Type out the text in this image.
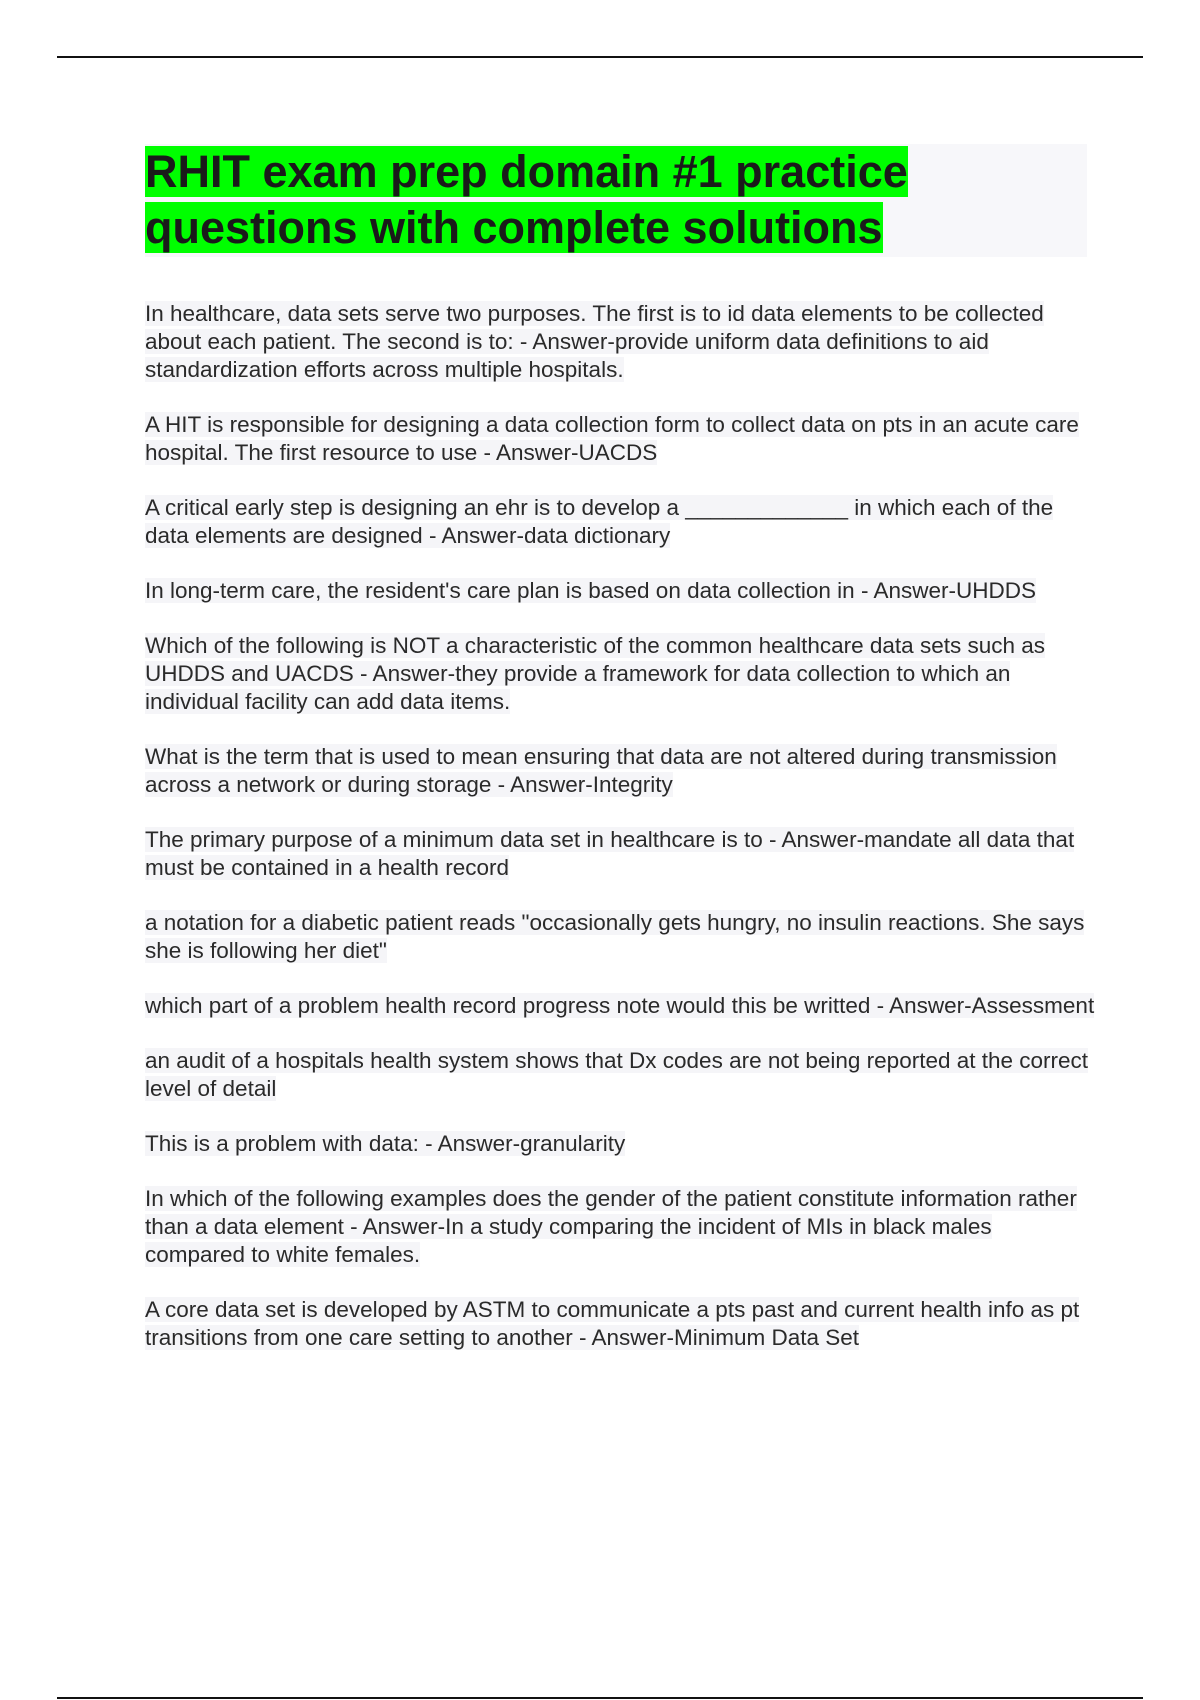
RHIT exam prep domain #1 practice
questions with complete solutions

In healthcare, data sets serve two purposes. The first is to id data elements to be collected about each patient. The second is to: - Answer-provide uniform data definitions to aid standardization efforts across multiple hospitals.

A HIT is responsible for designing a data collection form to collect data on pts in an acute care hospital. The first resource to use - Answer-UACDS

A critical early step is designing an ehr is to develop a _____________ in which each of the data elements are designed - Answer-data dictionary

In long-term care, the resident's care plan is based on data collection in - Answer-UHDDS

Which of the following is NOT a characteristic of the common healthcare data sets such as UHDDS and UACDS - Answer-they provide a framework for data collection to which an individual facility can add data items.

What is the term that is used to mean ensuring that data are not altered during transmission across a network or during storage - Answer-Integrity

The primary purpose of a minimum data set in healthcare is to - Answer-mandate all data that must be contained in a health record

a notation for a diabetic patient reads "occasionally gets hungry, no insulin reactions. She says she is following her diet"

which part of a problem health record progress note would this be writted - Answer-Assessment

an audit of a hospitals health system shows that Dx codes are not being reported at the correct level of detail

This is a problem with data: - Answer-granularity

In which of the following examples does the gender of the patient constitute information rather than a data element - Answer-In a study comparing the incident of MIs in black males compared to white females.

A core data set is developed by ASTM to communicate a pts past and current health info as pt transitions from one care setting to another - Answer-Minimum Data Set
